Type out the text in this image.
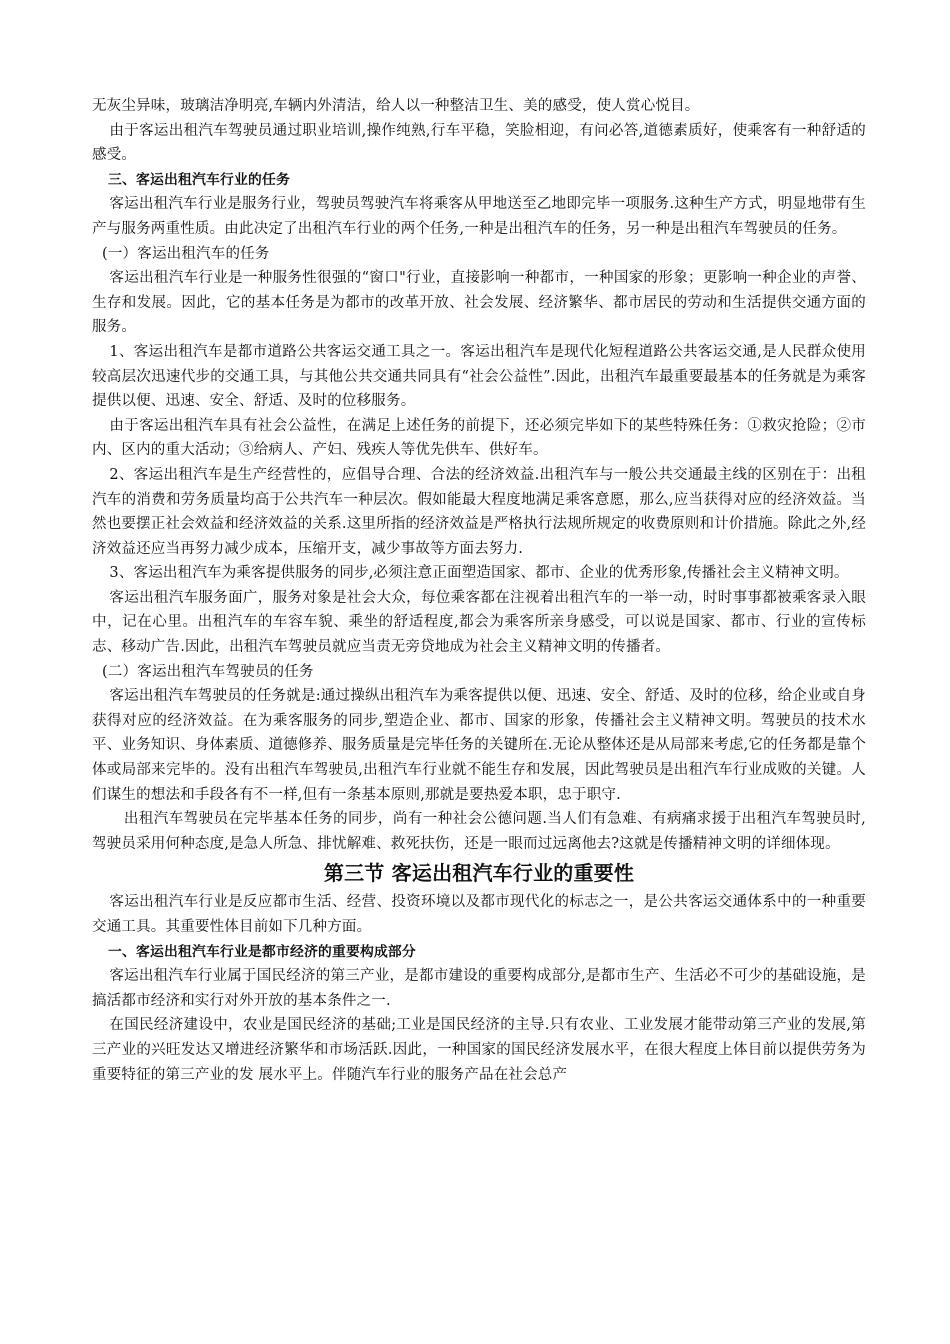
无灰尘异味，玻璃洁净明亮,车辆内外清洁，给人以一种整洁卫生、美的感受，使人赏心悦目。

由于客运出租汽车驾驶员通过职业培训,操作纯熟,行车平稳，笑脸相迎，有问必答,道德素质好，使乘客有一种舒适的感受。

三、客运出租汽车行业的任务

客运出租汽车行业是服务行业，驾驶员驾驶汽车将乘客从甲地送至乙地即完毕一项服务.这种生产方式，明显地带有生产与服务两重性质。由此决定了出租汽车行业的两个任务,一种是出租汽车的任务，另一种是出租汽车驾驶员的任务。

(一）客运出租汽车的任务

客运出租汽车行业是一种服务性很强的“窗口"行业，直接影响一种都市，一种国家的形象；更影响一种企业的声誉、生存和发展。因此，它的基本任务是为都市的改革开放、社会发展、经济繁华、都市居民的劳动和生活提供交通方面的服务。

1、客运出租汽车是都市道路公共客运交通工具之一。客运出租汽车是现代化短程道路公共客运交通,是人民群众使用较高层次迅速代步的交通工具，与其他公共交通共同具有“社会公益性”.因此，出租汽车最重要最基本的任务就是为乘客提供以便、迅速、安全、舒适、及时的位移服务。

由于客运出租汽车具有社会公益性，在满足上述任务的前提下，还必须完毕如下的某些特殊任务：①救灾抢险；②市内、区内的重大活动；③给病人、产妇、残疾人等优先供车、供好车。

2、客运出租汽车是生产经营性的，应倡导合理、合法的经济效益.出租汽车与一般公共交通最主线的区别在于：出租汽车的消费和劳务质量均高于公共汽车一种层次。假如能最大程度地满足乘客意愿，那么,应当获得对应的经济效益。当然也要摆正社会效益和经济效益的关系.这里所指的经济效益是严格执行法规所规定的收费原则和计价措施。除此之外,经济效益还应当再努力减少成本，压缩开支，减少事故等方面去努力.

3、客运出租汽车为乘客提供服务的同步,必须注意正面塑造国家、都市、企业的优秀形象,传播社会主义精神文明。

客运出租汽车服务面广，服务对象是社会大众，每位乘客都在注视着出租汽车的一举一动，时时事事都被乘客录入眼中，记在心里。出租汽车的车容车貌、乘坐的舒适程度,都会为乘客所亲身感受，可以说是国家、都市、行业的宣传标志、移动广告.因此，出租汽车驾驶员就应当责无旁贷地成为社会主义精神文明的传播者。

(二）客运出租汽车驾驶员的任务

客运出租汽车驾驶员的任务就是:通过操纵出租汽车为乘客提供以便、迅速、安全、舒适、及时的位移，给企业或自身获得对应的经济效益。在为乘客服务的同步,塑造企业、都市、国家的形象，传播社会主义精神文明。驾驶员的技术水平、业务知识、身体素质、道德修养、服务质量是完毕任务的关键所在.无论从整体还是从局部来考虑,它的任务都是靠个体或局部来完毕的。没有出租汽车驾驶员,出租汽车行业就不能生存和发展，因此驾驶员是出租汽车行业成败的关键。人们谋生的想法和手段各有不一样,但有一条基本原则,那就是要热爱本职，忠于职守.

出租汽车驾驶员在完毕基本任务的同步，尚有一种社会公德问题.当人们有急难、有病痛求援于出租汽车驾驶员时,驾驶员采用何种态度,是急人所急、排忧解难、救死扶伤，还是一眼而过远离他去?这就是传播精神文明的详细体现。

第三节 客运出租汽车行业的重要性

客运出租汽车行业是反应都市生活、经营、投资环境以及都市现代化的标志之一，是公共客运交通体系中的一种重要交通工具。其重要性体目前如下几种方面。

一、客运出租汽车行业是都市经济的重要构成部分

客运出租汽车行业属于国民经济的第三产业，是都市建设的重要构成部分,是都市生产、生活必不可少的基础设施，是搞活都市经济和实行对外开放的基本条件之一.

在国民经济建设中，农业是国民经济的基础;工业是国民经济的主导.只有农业、工业发展才能带动第三产业的发展,第三产业的兴旺发达又增进经济繁华和市场活跃.因此，一种国家的国民经济发展水平，在很大程度上体目前以提供劳务为重要特征的第三产业的发 展水平上。伴随汽车行业的服务产品在社会总产
